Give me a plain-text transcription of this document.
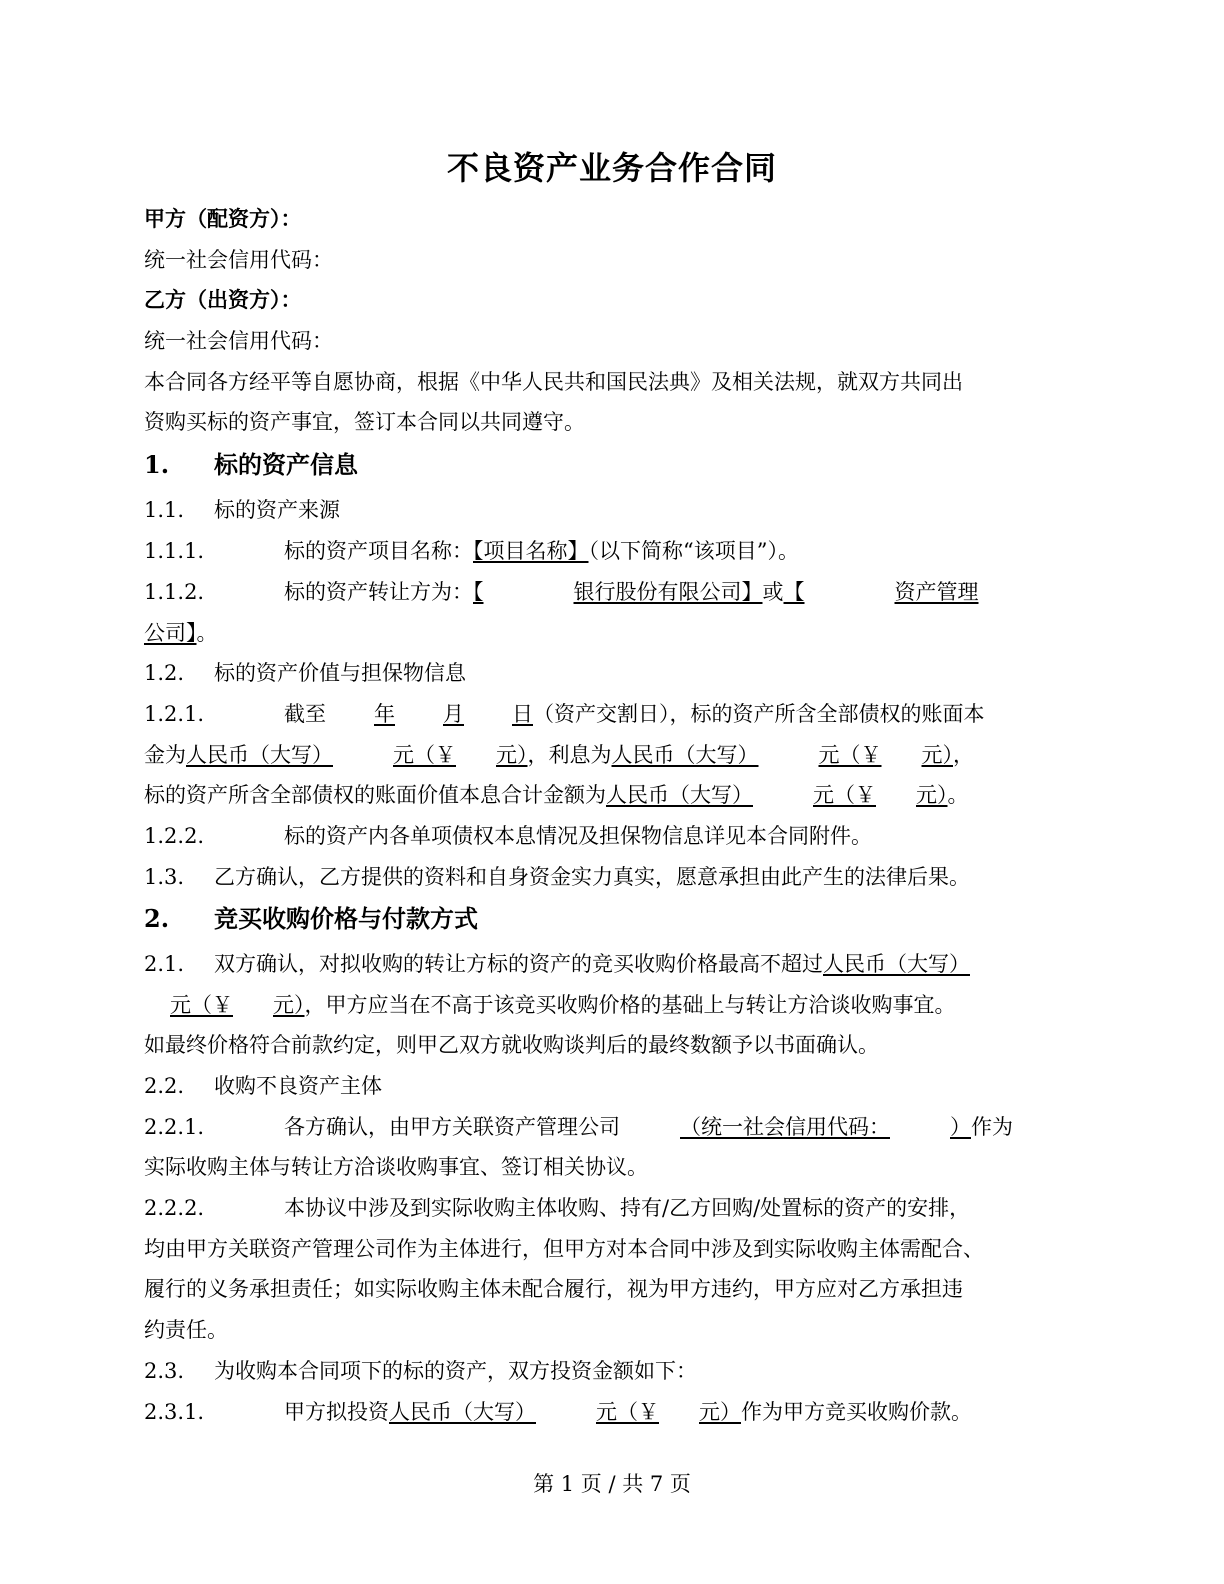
不良资产业务合作合同
甲方（配资方）：
统一社会信用代码：
乙方（出资方）：
统一社会信用代码：
本合同各方经平等自愿协商，根据《中华人民共和国民法典》及相关法规，就双方共同出
资购买标的资产事宜，签订本合同以共同遵守。
1. 标的资产信息
1.1. 标的资产来源
1.1.1.	标的资产项目名称：【项目名称】（以下简称“该项目”）。
1.1.2.	标的资产转让方为：【	银行股份有限公司】或【	资产管理
公司】。
1.2. 标的资产价值与担保物信息
1.2.1.	截至 年 月 日（资产交割日），标的资产所含全部债权的账面本
金为人民币（大写）	元（￥ 元），利息为人民币（大写）	元（￥ 元），
标的资产所含全部债权的账面价值本息合计金额为人民币（大写）	元（￥ 元）。
1.2.2.	标的资产内各单项债权本息情况及担保物信息详见本合同附件。
1.3. 乙方确认，乙方提供的资料和自身资金实力真实，愿意承担由此产生的法律后果。
2. 竞买收购价格与付款方式
2.1. 双方确认，对拟收购的转让方标的资产的竞买收购价格最高不超过人民币（大写）
元（￥ 元），甲方应当在不高于该竞买收购价格的基础上与转让方洽谈收购事宜。
如最终价格符合前款约定，则甲乙双方就收购谈判后的最终数额予以书面确认。
2.2. 收购不良资产主体
2.2.1.	各方确认，由甲方关联资产管理公司	（统一社会信用代码：	）作为
实际收购主体与转让方洽谈收购事宜、签订相关协议。
2.2.2.	本协议中涉及到实际收购主体收购、持有/乙方回购/处置标的资产的安排，
均由甲方关联资产管理公司作为主体进行，但甲方对本合同中涉及到实际收购主体需配合、
履行的义务承担责任；如实际收购主体未配合履行，视为甲方违约，甲方应对乙方承担违
约责任。
2.3. 为收购本合同项下的标的资产，双方投资金额如下：
2.3.1.	甲方拟投资人民币（大写）	元（￥ 元）作为甲方竞买收购价款。
第 1 页 / 共 7 页
